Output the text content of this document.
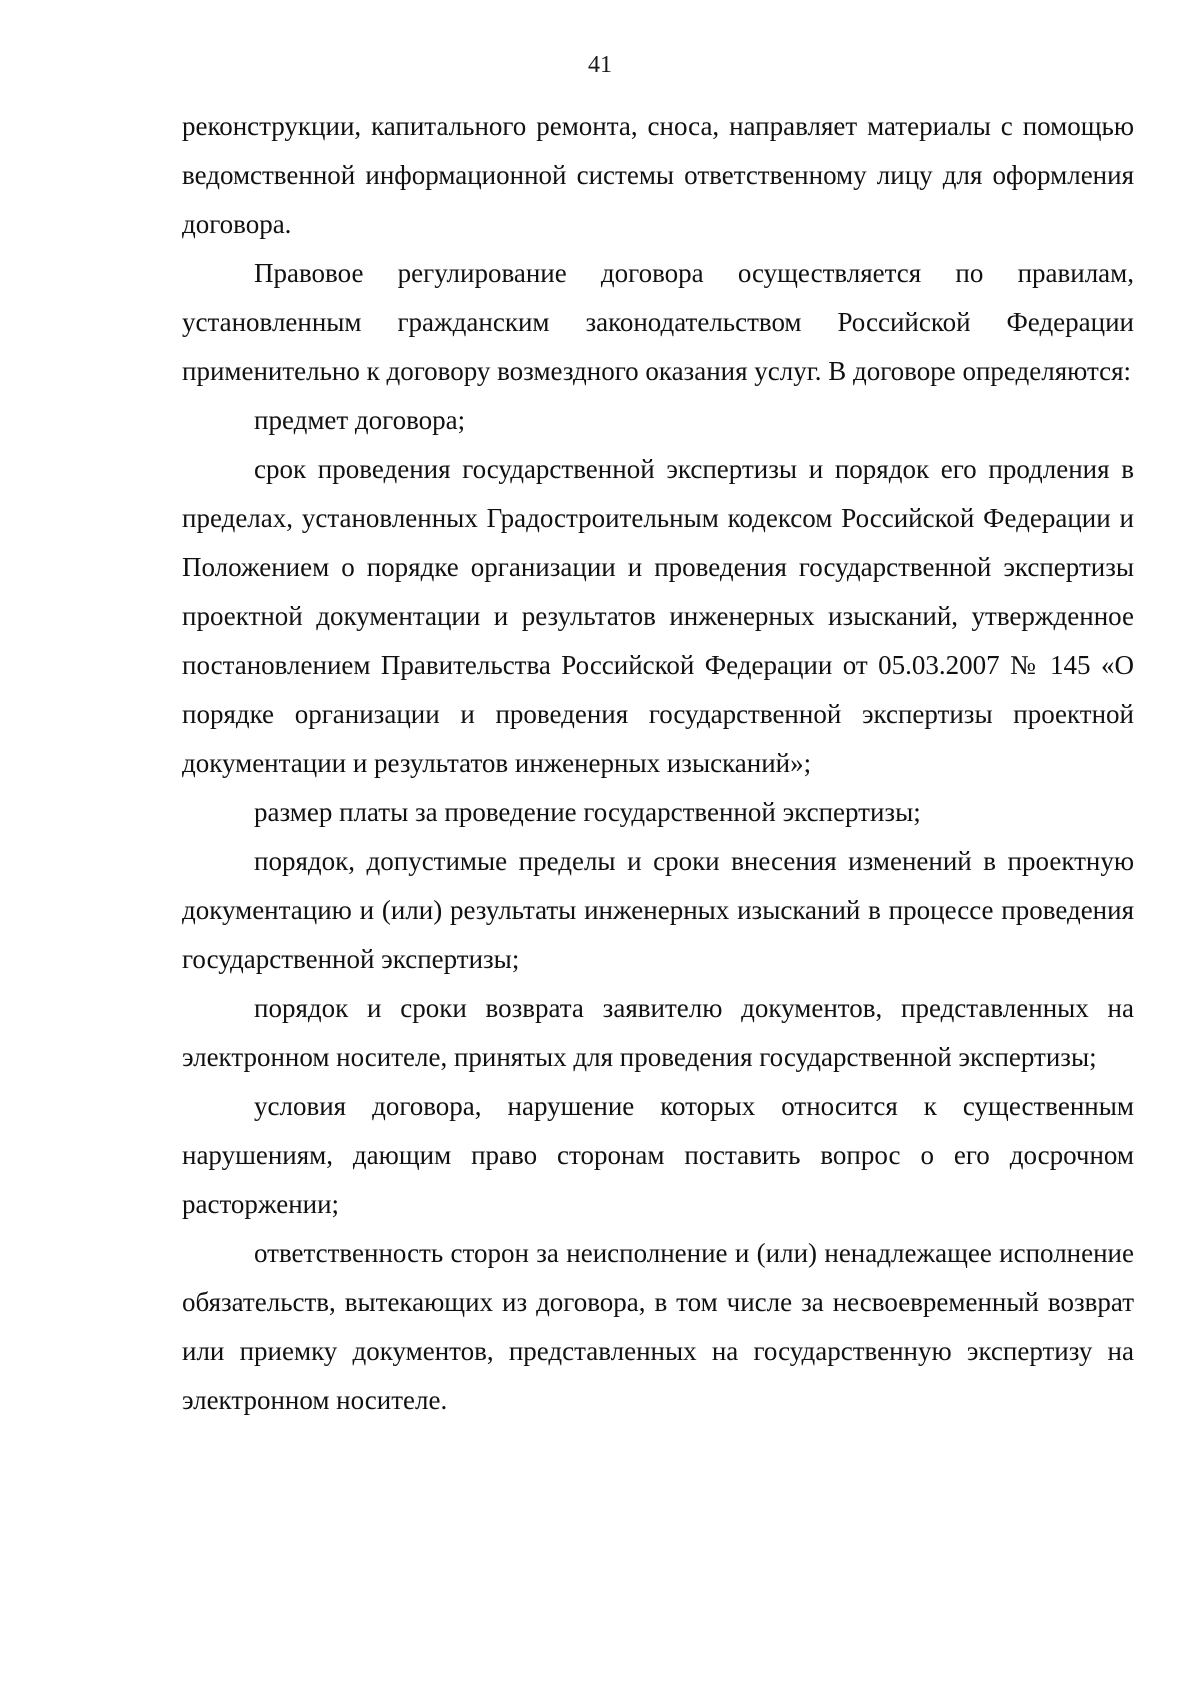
41

реконструкции, капитального ремонта, сноса, направляет материалы с помощью ведомственной информационной системы ответственному лицу для оформления договора.

Правовое регулирование договора осуществляется по правилам, установленным гражданским законодательством Российской Федерации применительно к договору возмездного оказания услуг. В договоре определяются:

предмет договора;

срок проведения государственной экспертизы и порядок его продления в пределах, установленных Градостроительным кодексом Российской Федерации и Положением о порядке организации и проведения государственной экспертизы проектной документации и результатов инженерных изысканий, утвержденное постановлением Правительства Российской Федерации от 05.03.2007 № 145 «О порядке организации и проведения государственной экспертизы проектной документации и результатов инженерных изысканий»;

размер платы за проведение государственной экспертизы;

порядок, допустимые пределы и сроки внесения изменений в проектную документацию и (или) результаты инженерных изысканий в процессе проведения государственной экспертизы;

порядок и сроки возврата заявителю документов, представленных на электронном носителе, принятых для проведения государственной экспертизы;

условия договора, нарушение которых относится к существенным нарушениям, дающим право сторонам поставить вопрос о его досрочном расторжении;

ответственность сторон за неисполнение и (или) ненадлежащее исполнение обязательств, вытекающих из договора, в том числе за несвоевременный возврат или приемку документов, представленных на государственную экспертизу на электронном носителе.
